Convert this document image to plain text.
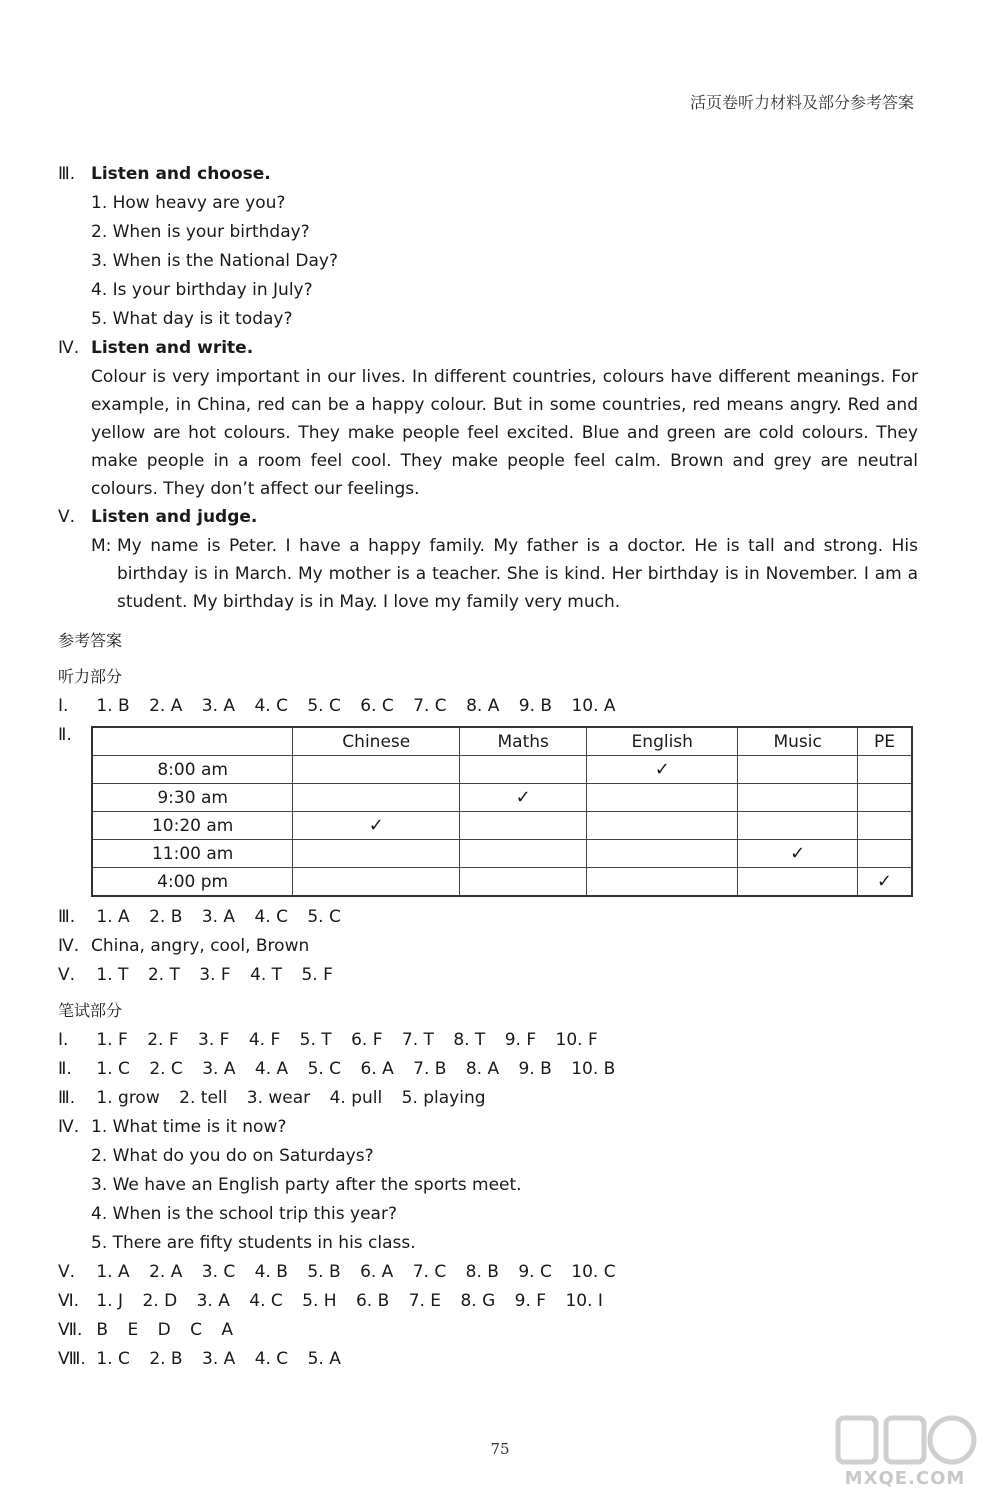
活页卷听力材料及部分参考答案
Ⅲ. Listen and choose.
1. How heavy are you?
2. When is your birthday?
3. When is the National Day?
4. Is your birthday in July?
5. What day is it today?
Ⅳ. Listen and write.
Colour is very important in our lives. In different countries, colours have different meanings. For example, in China, red can be a happy colour. But in some countries, red means angry. Red and yellow are hot colours. They make people feel excited. Blue and green are cold colours. They make people in a room feel cool. They make people feel calm. Brown and grey are neutral colours. They don’t affect our feelings.
Ⅴ. Listen and judge.
M: My name is Peter. I have a happy family. My father is a doctor. He is tall and strong. His birthday is in March. My mother is a teacher. She is kind. Her birthday is in November. I am a student. My birthday is in May. I love my family very much.
参考答案
听力部分
Ⅰ. 1. B 2. A 3. A 4. C 5. C 6. C 7. C 8. A 9. B 10. A
Ⅱ.
		Chinese	Maths	English	Music	PE
8:00 am			✓		
9:30 am		✓			
10:20 am	✓				
11:00 am				✓	
4:00 pm					✓
Ⅲ. 1. A 2. B 3. A 4. C 5. C
Ⅳ. China, angry, cool, Brown
Ⅴ. 1. T 2. T 3. F 4. T 5. F
笔试部分
Ⅰ. 1. F 2. F 3. F 4. F 5. T 6. F 7. T 8. T 9. F 10. F
Ⅱ. 1. C 2. C 3. A 4. A 5. C 6. A 7. B 8. A 9. B 10. B
Ⅲ. 1. grow 2. tell 3. wear 4. pull 5. playing
Ⅳ. 1. What time is it now?
2. What do you do on Saturdays?
3. We have an English party after the sports meet.
4. When is the school trip this year?
5. There are fifty students in his class.
Ⅴ. 1. A 2. A 3. C 4. B 5. B 6. A 7. C 8. B 9. C 10. C
Ⅵ. 1. J 2. D 3. A 4. C 5. H 6. B 7. E 8. G 9. F 10. I
Ⅶ. B E D C A
Ⅷ. 1. C 2. B 3. A 4. C 5. A
75
MXQE.COM
